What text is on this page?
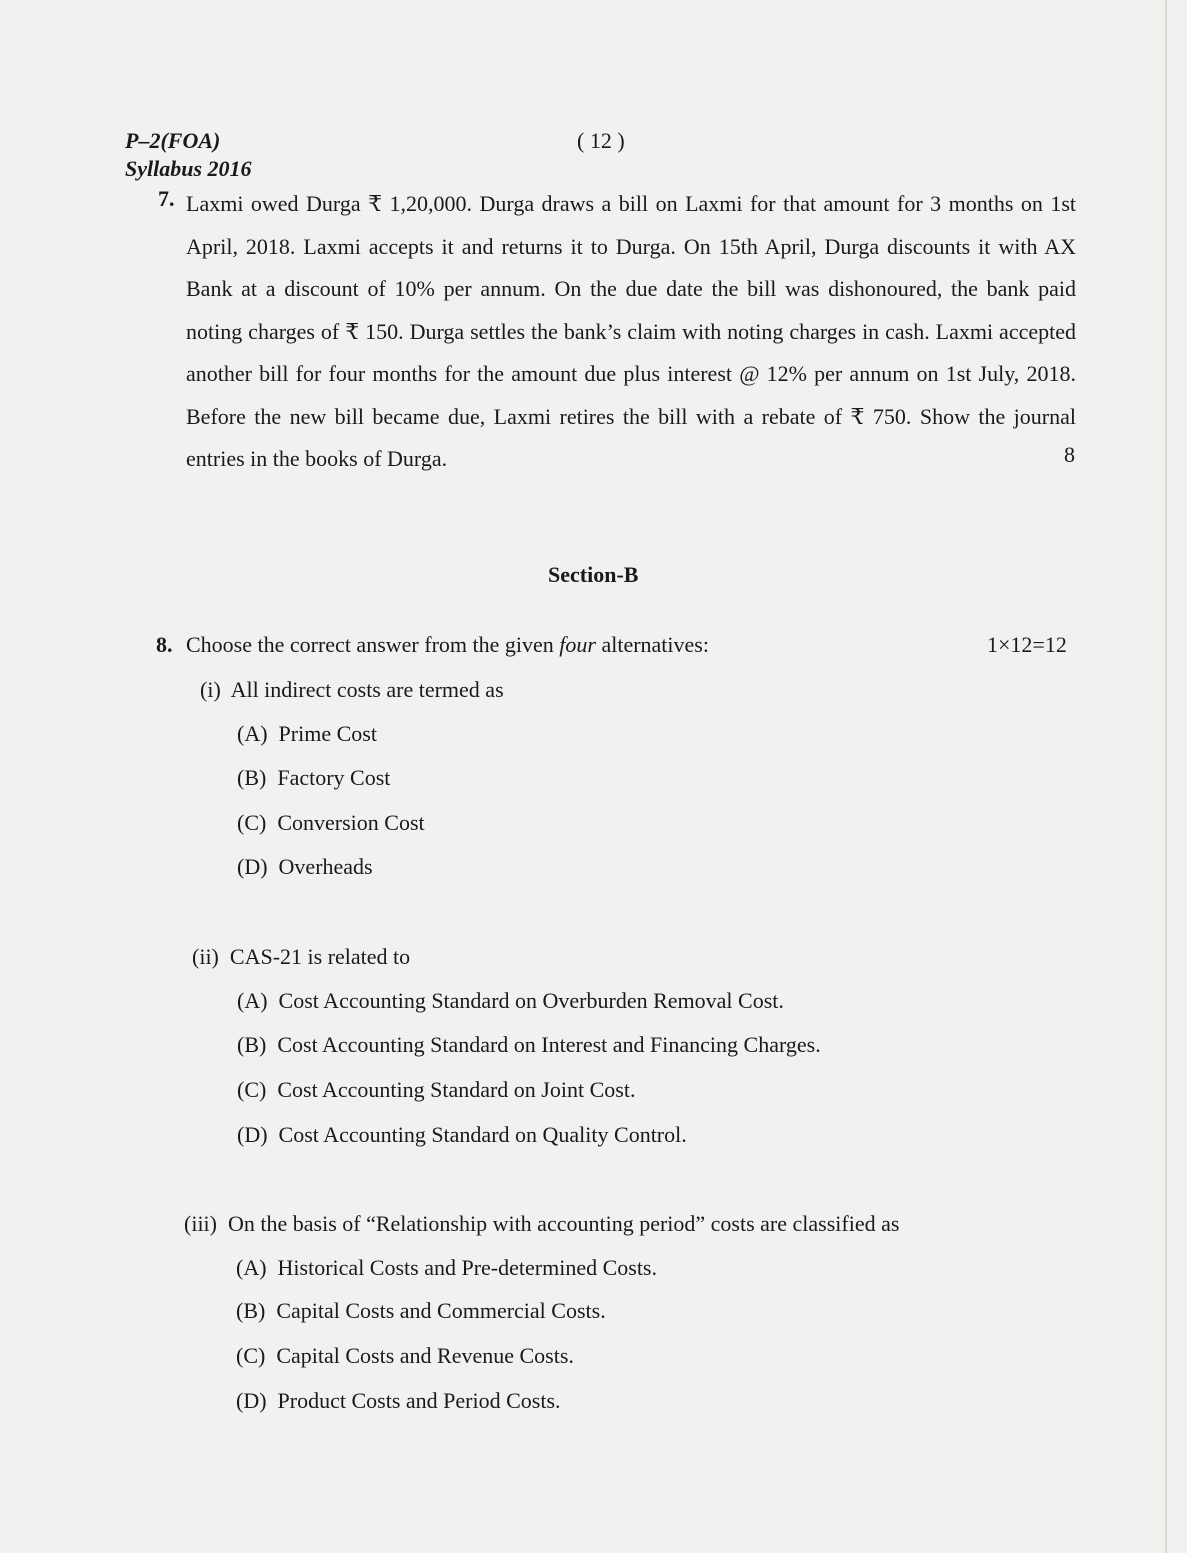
P–2(FOA)
Syllabus 2016
( 12 )
7. Laxmi owed Durga ₹ 1,20,000. Durga draws a bill on Laxmi for that amount for 3 months on 1st April, 2018. Laxmi accepts it and returns it to Durga. On 15th April, Durga discounts it with AX Bank at a discount of 10% per annum. On the due date the bill was dishonoured, the bank paid noting charges of ₹ 150. Durga settles the bank’s claim with noting charges in cash. Laxmi accepted another bill for four months for the amount due plus interest @ 12% per annum on 1st July, 2018. Before the new bill became due, Laxmi retires the bill with a rebate of ₹ 750. Show the journal entries in the books of Durga.	8
Section-B
8. Choose the correct answer from the given four alternatives:	1×12=12
(i) All indirect costs are termed as
(A) Prime Cost
(B) Factory Cost
(C) Conversion Cost
(D) Overheads
(ii) CAS-21 is related to
(A) Cost Accounting Standard on Overburden Removal Cost.
(B) Cost Accounting Standard on Interest and Financing Charges.
(C) Cost Accounting Standard on Joint Cost.
(D) Cost Accounting Standard on Quality Control.
(iii) On the basis of “Relationship with accounting period” costs are classified as
(A) Historical Costs and Pre-determined Costs.
(B) Capital Costs and Commercial Costs.
(C) Capital Costs and Revenue Costs.
(D) Product Costs and Period Costs.
